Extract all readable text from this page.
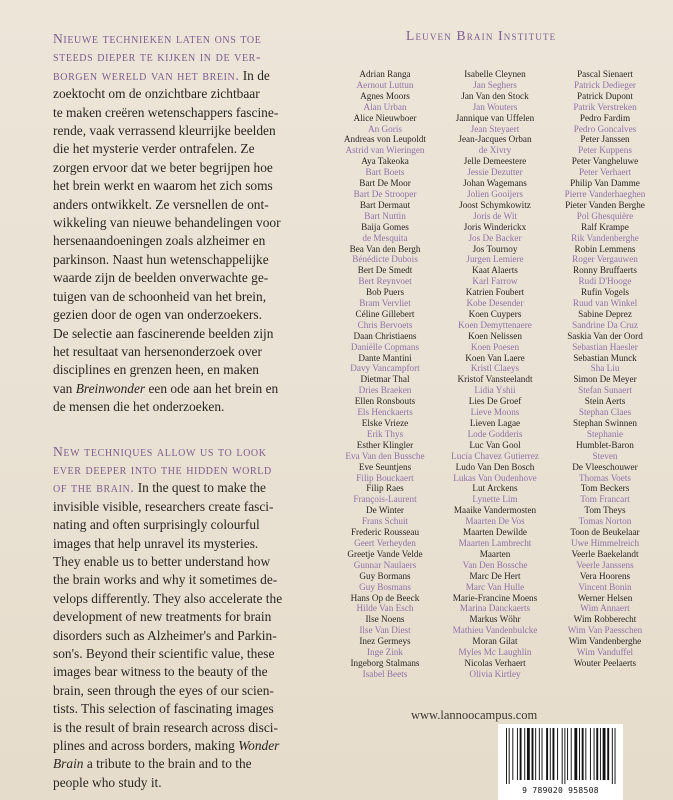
Nieuwe technieken laten ons toe
steeds dieper te kijken in de ver-
borgen wereld van het brein. In de
zoektocht om de onzichtbare zichtbaar
te maken creëren wetenschappers fascine-
rende, vaak verrassend kleurrijke beelden
die het mysterie verder ontrafelen. Ze
zorgen ervoor dat we beter begrijpen hoe
het brein werkt en waarom het zich soms
anders ontwikkelt. Ze versnellen de ont-
wikkeling van nieuwe behandelingen voor
hersenaandoeningen zoals alzheimer en
parkinson. Naast hun wetenschappelijke
waarde zijn de beelden onverwachte ge-
tuigen van de schoonheid van het brein,
gezien door de ogen van onderzoekers.
De selectie aan fascinerende beelden zijn
het resultaat van hersenonderzoek over
disciplines en grenzen heen, en maken
van Breinwonder een ode aan het brein en
de mensen die het onderzoeken.

New techniques allow us to look
ever deeper into the hidden world
of the brain. In the quest to make the
invisible visible, researchers create fasci-
nating and often surprisingly colourful
images that help unravel its mysteries.
They enable us to better understand how
the brain works and why it sometimes de-
velops differently. They also accelerate the
development of new treatments for brain
disorders such as Alzheimer's and Parkin-
son's. Beyond their scientific value, these
images bear witness to the beauty of the
brain, seen through the eyes of our scien-
tists. This selection of fascinating images
is the result of brain research across disci-
plines and across borders, making Wonder
Brain a tribute to the brain and to the
people who study it.

Leuven Brain Institute
Adrian Ranga
Aernout Luttun
Agnes Moors
Alan Urban
Alice Nieuwboer
An Goris
Andreas von Leupoldt
Astrid van Wieringen
Aya Takeoka
Bart Boets
Bart De Moor
Bart De Strooper
Bart Dermaut
Bart Nuttin
Baija Gomes
de Mesquita
Bea Van den Bergh
Bénédicte Dubois
Bert De Smedt
Bert Reynvoet
Bob Puers
Bram Vervliet
Céline Gillebert
Chris Bervoets
Daan Christiaens
Daniëlle Copmans
Dante Mantini
Davy Vancampfort
Dietmar Thal
Dries Braeken
Ellen Ronsbouts
Els Henckaerts
Elske Vrieze
Erik Thys
Esther Klingler
Eva Van den Bussche
Eve Seuntjens
Filip Bouckaert
Filip Raes
François-Laurent
De Winter
Frans Schuit
Frederic Rousseau
Geert Verheyden
Greetje Vande Velde
Gunnar Naulaers
Guy Bormans
Guy Bosmans
Hans Op de Beeck
Hilde Van Esch
Ilse Noens
Ilse Van Diest
Inez Germeys
Inge Zink
Ingeborg Stalmans
Isabel Beets
Isabelle Cleynen
Jan Seghers
Jan Van den Stock
Jan Wouters
Jannique van Uffelen
Jean Steyaert
Jean-Jacques Orban
de Xivry
Jelle Demeestere
Jessie Dezutter
Johan Wagemans
Jolien Gooijers
Joost Schymkowitz
Joris de Wit
Joris Winderickx
Jos De Backer
Jos Tournoy
Jurgen Lemiere
Kaat Alaerts
Karl Farrow
Katrien Foubert
Kobe Desender
Koen Cuypers
Koen Demyttenaere
Koen Nelissen
Koen Poesen
Koen Van Laere
Kristl Claeys
Kristof Vansteelandt
Lidia Yshii
Lies De Groef
Lieve Moons
Lieven Lagae
Lode Godderis
Luc Van Gool
Lucía Chavez Gutierrez
Ludo Van Den Bosch
Lukas Van Oudenhove
Lut Arckens
Lynette Lim
Maaike Vandermosten
Maarten De Vos
Maarten Dewilde
Maarten Lambrecht
Maarten
Van Den Bossche
Marc De Hert
Marc Van Hulle
Marie-Francine Moens
Marina Danckaerts
Markus Wöhr
Mathieu Vandenbulcke
Moran Gilat
Myles Mc Laughlin
Nicolas Verhaert
Olivia Kirtley
Pascal Sienaert
Patrick Dedieger
Patrick Dupont
Patrik Verstreken
Pedro Fardim
Pedro Goncalves
Peter Janssen
Peter Kuppens
Peter Vangheluwe
Peter Verhaert
Philip Van Damme
Pierre Vanderhaeghen
Pieter Vanden Berghe
Pol Ghesquière
Ralf Krampe
Rik Vandenberghe
Robin Lemmens
Roger Vergauwen
Ronny Bruffaerts
Rudi D'Hooge
Rufin Vogels
Ruud van Winkel
Sabine Deprez
Sandrine Da Cruz
Saskia Van der Oord
Sebastian Haesler
Sebastian Munck
Sha Liu
Simon De Meyer
Stefan Sunaert
Stein Aerts
Stephan Claes
Stephan Swinnen
Stephanie
Humblet-Baron
Steven
De Vleeschouwer
Thomas Voets
Tom Beckers
Tom Francart
Tom Theys
Tomas Norton
Toon de Beukelaar
Uwe Himmelreich
Veerle Baekelandt
Veerle Janssens
Vera Hoorens
Vincent Bonin
Werner Helsen
Wim Annaert
Wim Robberecht
Wim Van Paesschen
Wim Vandenberghe
Wim Vanduffel
Wouter Peelaerts
www.lannoocampus.com
9 789020 958508
